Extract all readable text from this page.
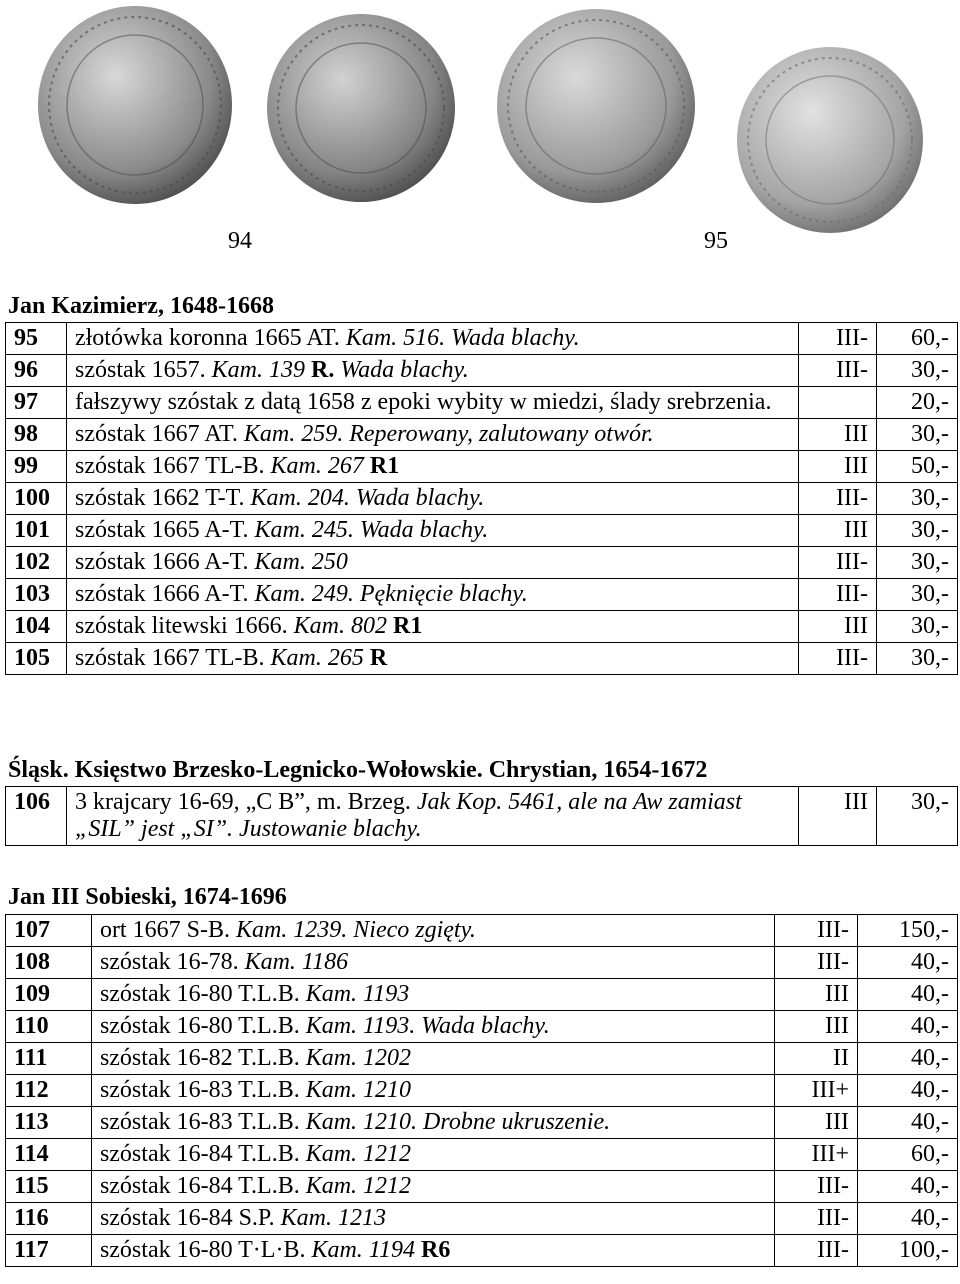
94	95
Jan Kazimierz, 1648-1668
95	złotówka koronna 1665 AT. Kam. 516. Wada blachy.	III-	60,-
96	szóstak 1657. Kam. 139 R. Wada blachy.	III-	30,-
97	fałszywy szóstak z datą 1658 z epoki wybity w miedzi, ślady srebrzenia.		20,-
98	szóstak 1667 AT. Kam. 259. Reperowany, zalutowany otwór.	III	30,-
99	szóstak 1667 TL-B. Kam. 267 R1	III	50,-
100	szóstak 1662 T-T. Kam. 204. Wada blachy.	III-	30,-
101	szóstak 1665 A-T. Kam. 245. Wada blachy.	III	30,-
102	szóstak 1666 A-T. Kam. 250	III-	30,-
103	szóstak 1666 A-T. Kam. 249. Pęknięcie blachy.	III-	30,-
104	szóstak litewski 1666. Kam. 802 R1	III	30,-
105	szóstak 1667 TL-B. Kam. 265 R	III-	30,-
Śląsk. Księstwo Brzesko-Legnicko-Wołowskie. Chrystian, 1654-1672
106	3 krajcary 16-69, „C B”, m. Brzeg. Jak Kop. 5461, ale na Aw zamiast „SIL” jest „SI”. Justowanie blachy.	III	30,-
Jan III Sobieski, 1674-1696
107	ort 1667 S-B. Kam. 1239. Nieco zgięty.	III-	150,-
108	szóstak 16-78. Kam. 1186	III-	40,-
109	szóstak 16-80 T.L.B. Kam. 1193	III	40,-
110	szóstak 16-80 T.L.B. Kam. 1193. Wada blachy.	III	40,-
111	szóstak 16-82 T.L.B. Kam. 1202	II	40,-
112	szóstak 16-83 T.L.B. Kam. 1210	III+	40,-
113	szóstak 16-83 T.L.B. Kam. 1210. Drobne ukruszenie.	III	40,-
114	szóstak 16-84 T.L.B. Kam. 1212	III+	60,-
115	szóstak 16-84 T.L.B. Kam. 1212	III-	40,-
116	szóstak 16-84 S.P. Kam. 1213	III-	40,-
117	szóstak 16-80 T·L·B. Kam. 1194 R6	III-	100,-
